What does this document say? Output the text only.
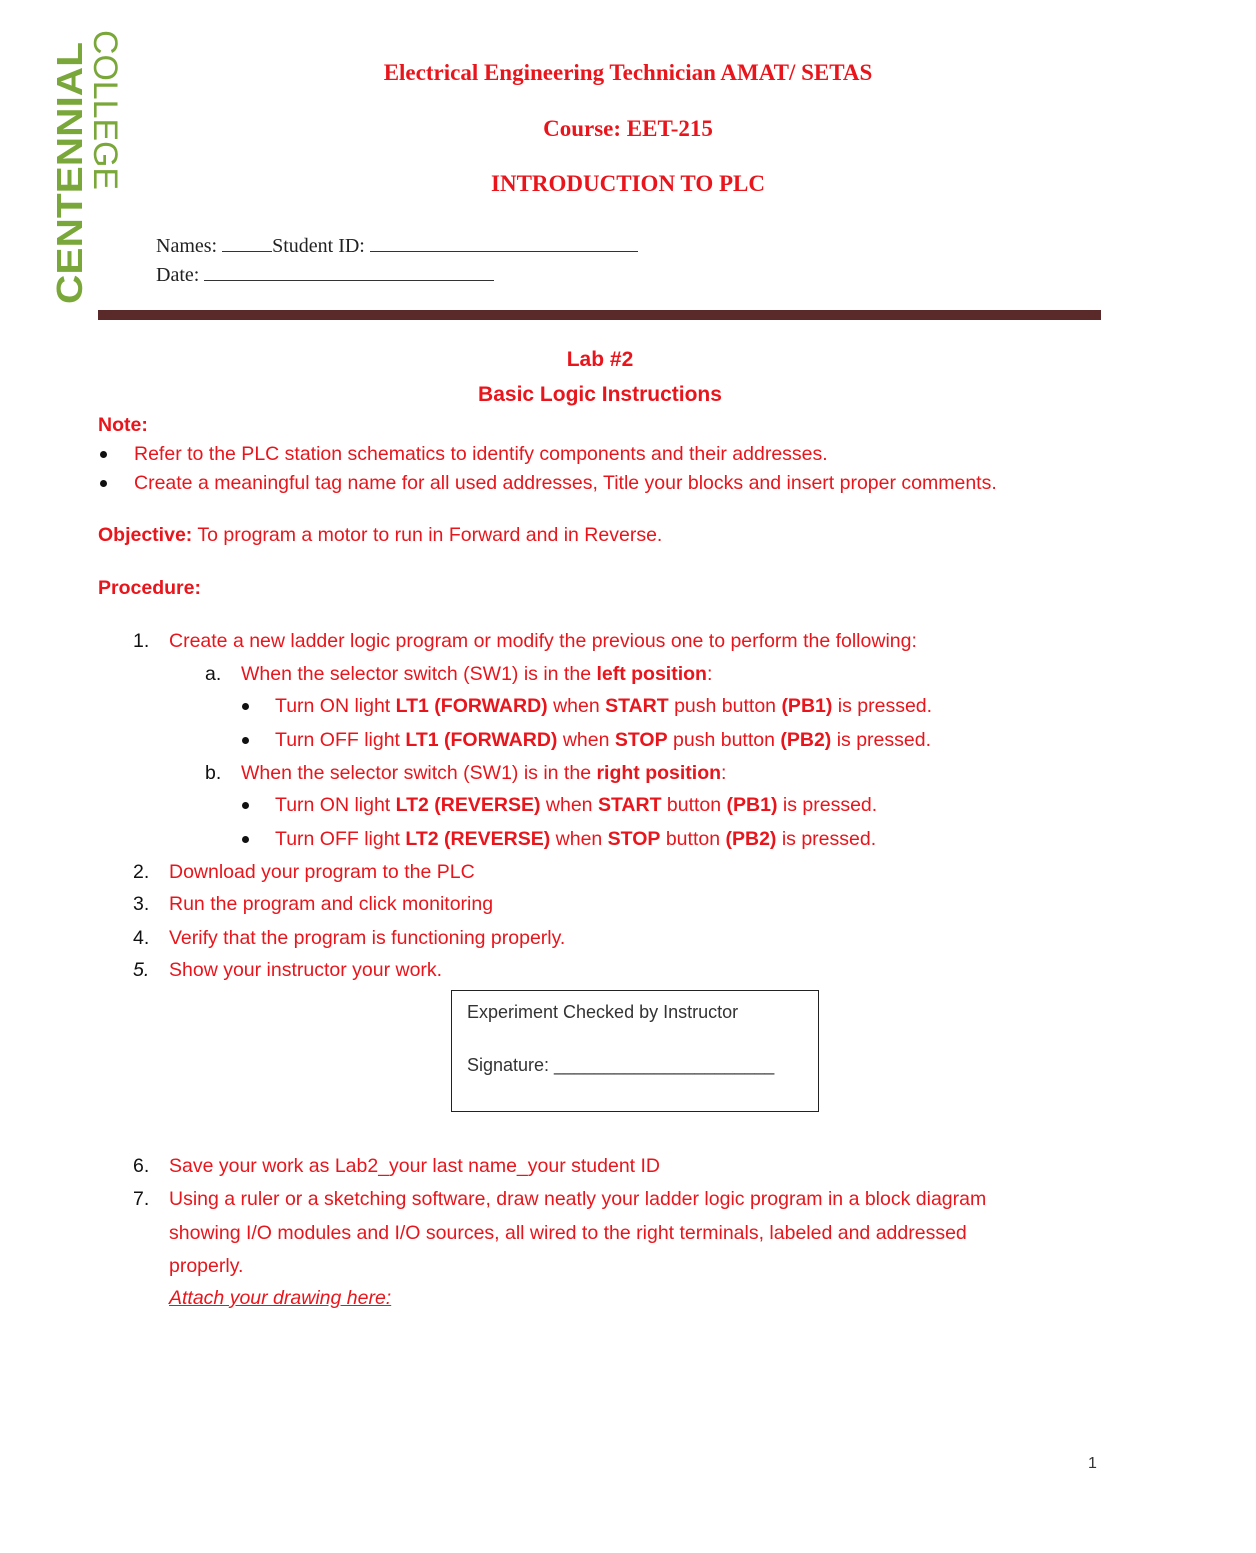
COLLEGE
CENTENNIAL	Electrical Engineering Technician AMAT/ SETAS
Course: EET-215
INTRODUCTION TO PLC
Names:	Student ID:
Date:
Lab #2
Basic Logic Instructions
Note:
Refer to the PLC station schematics to identify components and their addresses.
Create a meaningful tag name for all used addresses, Title your blocks and insert proper comments.
Objective: To program a motor to run in Forward and in Reverse.
Procedure:
1. Create a new ladder logic program or modify the previous one to perform the following:
a. When the selector switch (SW1) is in the left position:
Turn ON light LT1 (FORWARD) when START push button (PB1) is pressed.
Turn OFF light LT1 (FORWARD) when STOP push button (PB2) is pressed.
b. When the selector switch (SW1) is in the right position:
Turn ON light LT2 (REVERSE) when START button (PB1) is pressed.
Turn OFF light LT2 (REVERSE) when STOP button (PB2) is pressed.
2. Download your program to the PLC
3. Run the program and click monitoring
4. Verify that the program is functioning properly.
5. Show your instructor your work.
Experiment Checked by Instructor
Signature: ______________________
6. Save your work as Lab2_your last name_your student ID
7. Using a ruler or a sketching software, draw neatly your ladder logic program in a block diagram
showing I/O modules and I/O sources, all wired to the right terminals, labeled and addressed
properly.
Attach your drawing here:
1
